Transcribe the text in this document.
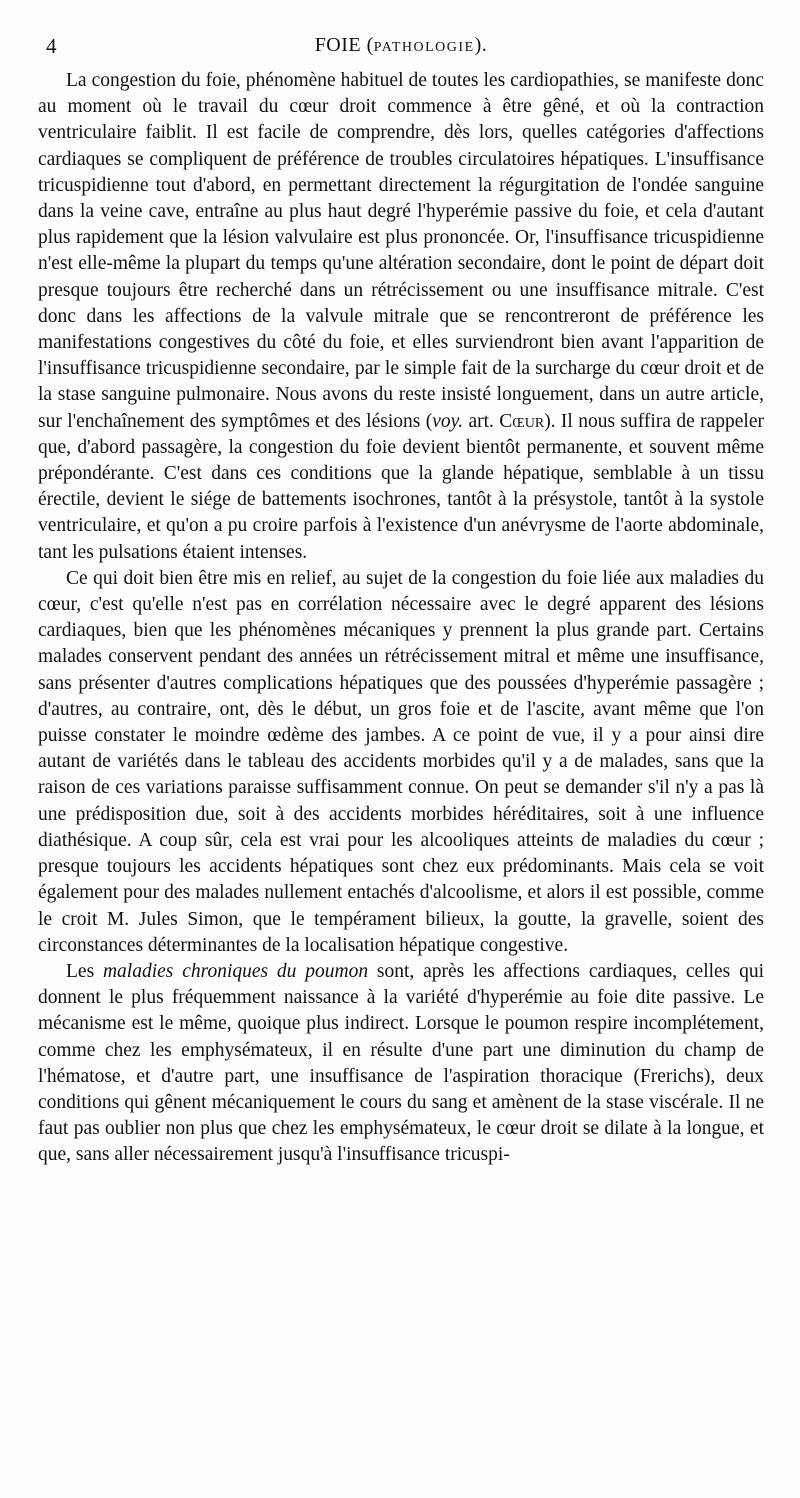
4	FOIE (PATHOLOGIE).

La congestion du foie, phénomène habituel de toutes les cardiopathies, se manifeste donc au moment où le travail du cœur droit commence à être gêné, et où la contraction ventriculaire faiblit. Il est facile de comprendre, dès lors, quelles catégories d'affections cardiaques se compliquent de préférence de troubles circulatoires hépatiques. L'insuffisance tricuspidienne tout d'abord, en permettant directement la régurgitation de l'ondée sanguine dans la veine cave, entraîne au plus haut degré l'hyperémie passive du foie, et cela d'autant plus rapidement que la lésion valvulaire est plus prononcée. Or, l'insuffisance tricuspidienne n'est elle-même la plupart du temps qu'une altération secondaire, dont le point de départ doit presque toujours être recherché dans un rétrécissement ou une insuffisance mitrale. C'est donc dans les affections de la valvule mitrale que se rencontreront de préférence les manifestations congestives du côté du foie, et elles surviendront bien avant l'apparition de l'insuffisance tricuspidienne secondaire, par le simple fait de la surcharge du cœur droit et de la stase sanguine pulmonaire. Nous avons du reste insisté longuement, dans un autre article, sur l'enchaînement des symptômes et des lésions (voy. art. Cœur). Il nous suffira de rappeler que, d'abord passagère, la congestion du foie devient bientôt permanente, et souvent même prépondérante. C'est dans ces conditions que la glande hépatique, semblable à un tissu érectile, devient le siége de battements isochrones, tantôt à la présystole, tantôt à la systole ventriculaire, et qu'on a pu croire parfois à l'existence d'un anévrysme de l'aorte abdominale, tant les pulsations étaient intenses.

Ce qui doit bien être mis en relief, au sujet de la congestion du foie liée aux maladies du cœur, c'est qu'elle n'est pas en corrélation nécessaire avec le degré apparent des lésions cardiaques, bien que les phénomènes mécaniques y prennent la plus grande part. Certains malades conservent pendant des années un rétrécissement mitral et même une insuffisance, sans présenter d'autres complications hépatiques que des poussées d'hyperémie passagère ; d'autres, au contraire, ont, dès le début, un gros foie et de l'ascite, avant même que l'on puisse constater le moindre œdème des jambes. A ce point de vue, il y a pour ainsi dire autant de variétés dans le tableau des accidents morbides qu'il y a de malades, sans que la raison de ces variations paraisse suffisamment connue. On peut se demander s'il n'y a pas là une prédisposition due, soit à des accidents morbides héréditaires, soit à une influence diathésique. A coup sûr, cela est vrai pour les alcooliques atteints de maladies du cœur ; presque toujours les accidents hépatiques sont chez eux prédominants. Mais cela se voit également pour des malades nullement entachés d'alcoolisme, et alors il est possible, comme le croit M. Jules Simon, que le tempérament bilieux, la goutte, la gravelle, soient des circonstances déterminantes de la localisation hépatique congestive.

Les maladies chroniques du poumon sont, après les affections cardiaques, celles qui donnent le plus fréquemment naissance à la variété d'hyperémie au foie dite passive. Le mécanisme est le même, quoique plus indirect. Lorsque le poumon respire incomplétement, comme chez les emphysémateux, il en résulte d'une part une diminution du champ de l'hématose, et d'autre part, une insuffisance de l'aspiration thoracique (Frerichs), deux conditions qui gênent mécaniquement le cours du sang et amènent de la stase viscérale. Il ne faut pas oublier non plus que chez les emphysémateux, le cœur droit se dilate à la longue, et que, sans aller nécessairement jusqu'à l'insuffisance tricuspi-
